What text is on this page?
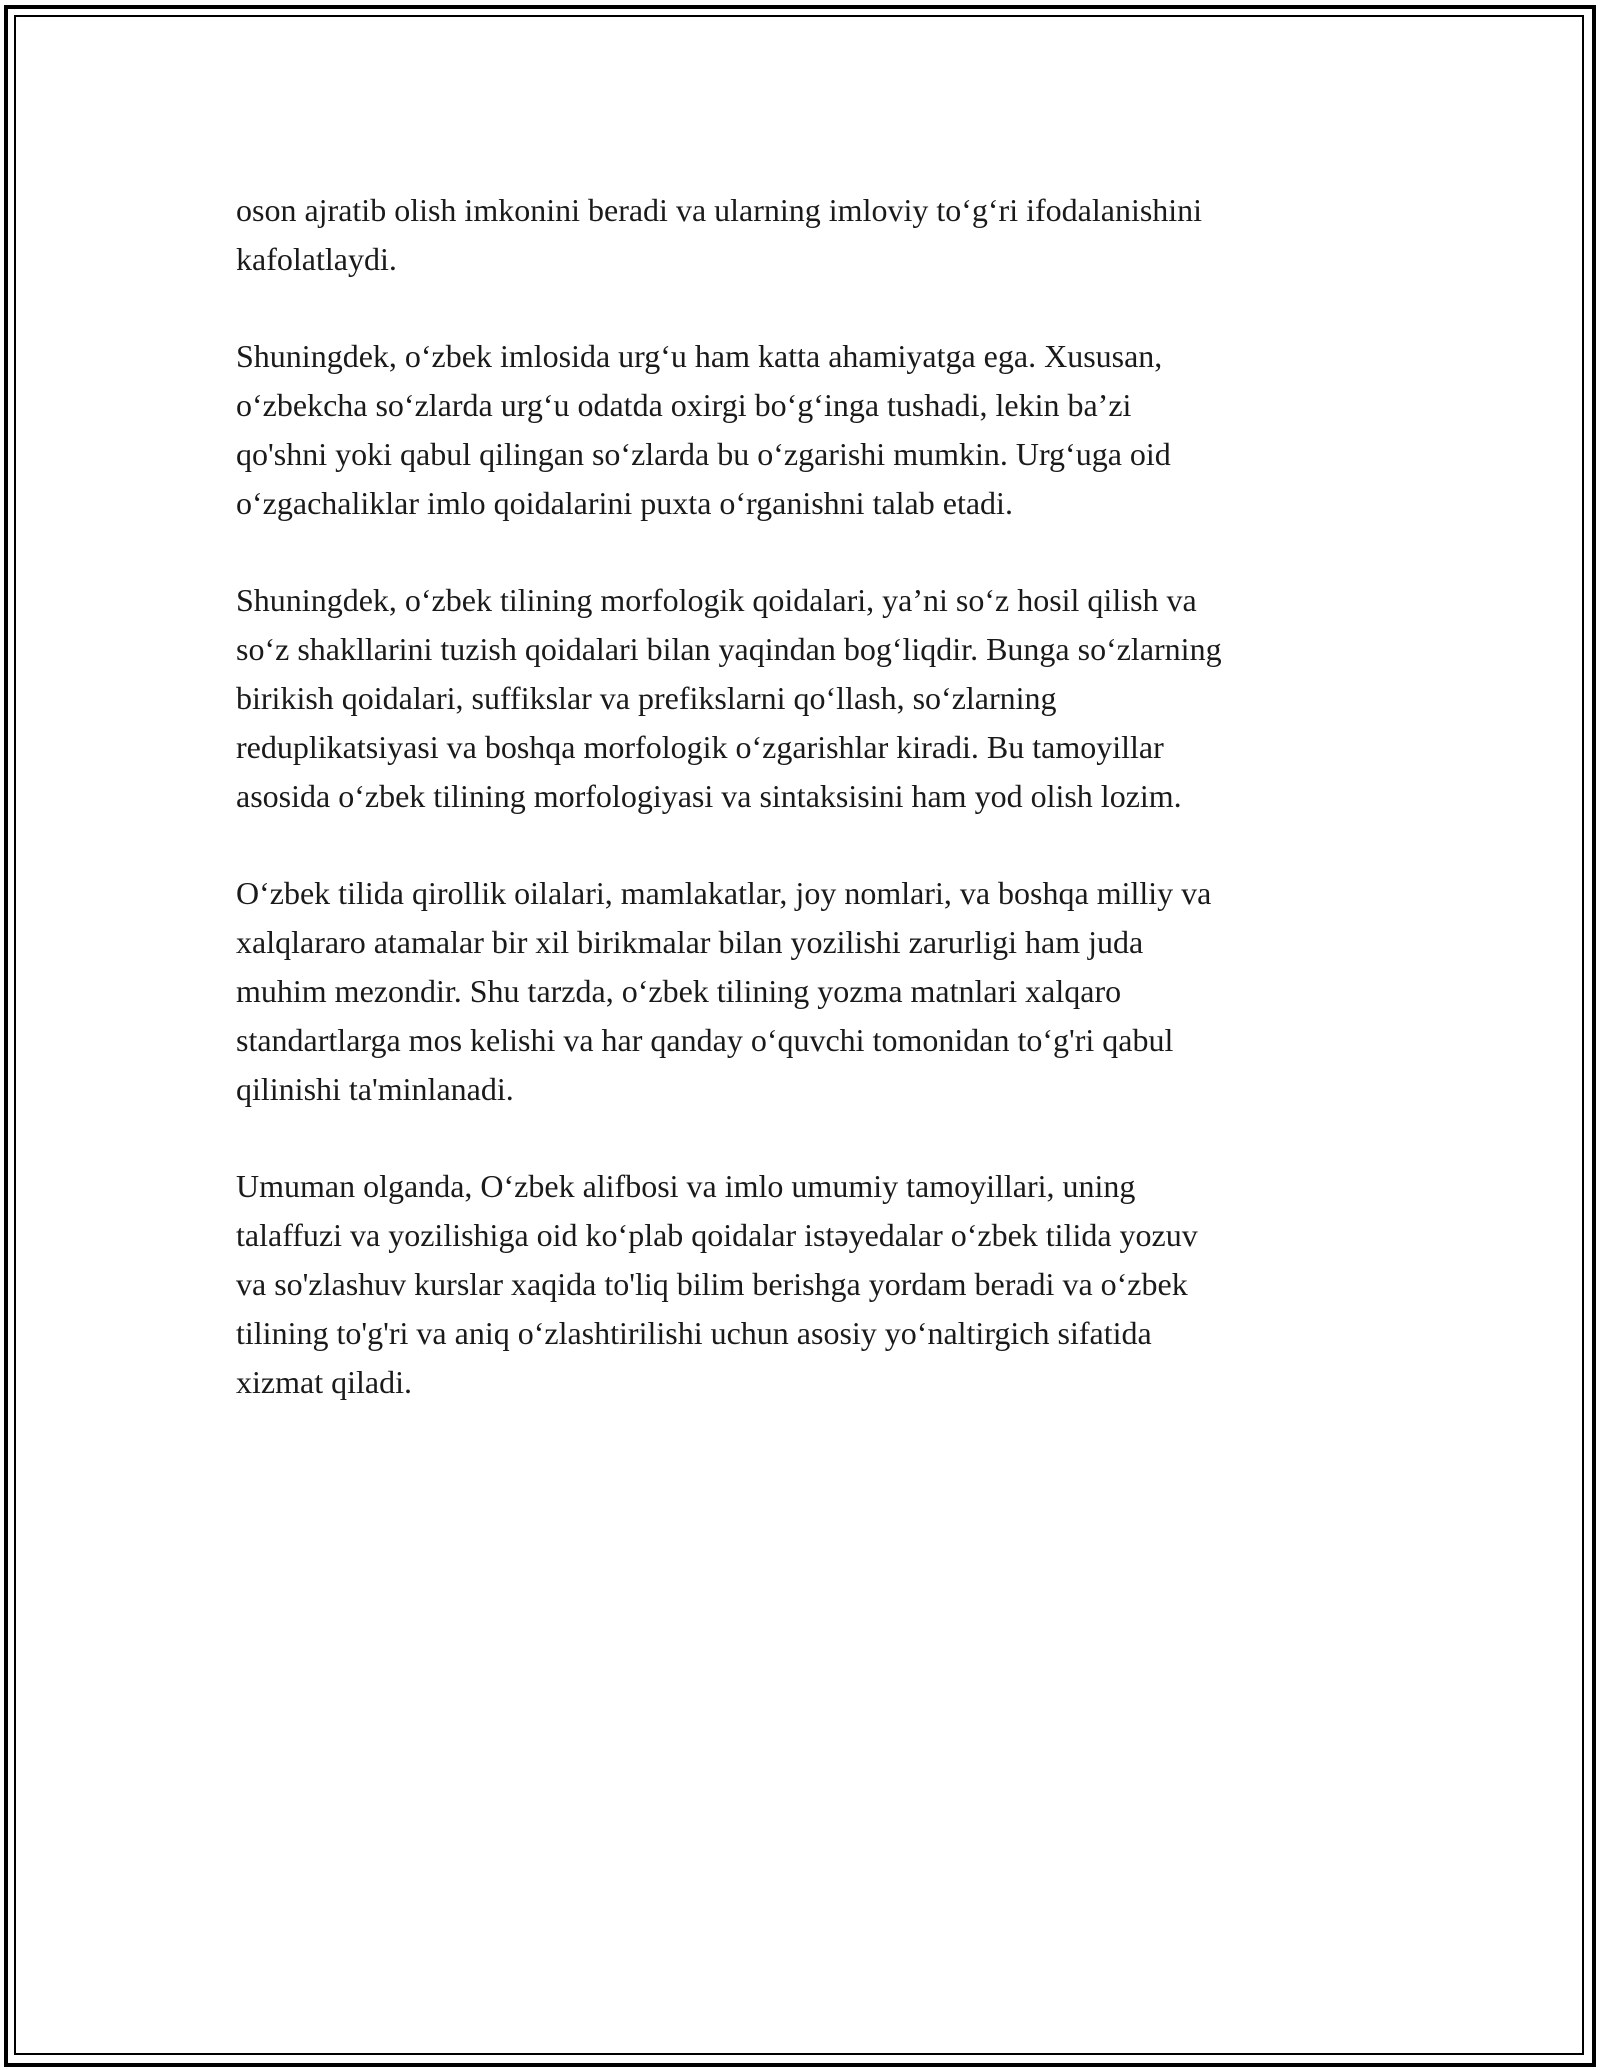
oson ajratib olish imkonini beradi va ularning imloviy to‘g‘ri ifodalanishini
kafolatlaydi.

Shuningdek, o‘zbek imlosida urg‘u ham katta ahamiyatga ega. Xususan,
o‘zbekcha so‘zlarda urg‘u odatda oxirgi bo‘g‘inga tushadi, lekin ba’zi
qo'shni yoki qabul qilingan so‘zlarda bu o‘zgarishi mumkin. Urg‘uga oid
o‘zgachaliklar imlo qoidalarini puxta o‘rganishni talab etadi.

Shuningdek, o‘zbek tilining morfologik qoidalari, ya’ni so‘z hosil qilish va
so‘z shakllarini tuzish qoidalari bilan yaqindan bog‘liqdir. Bunga so‘zlarning
birikish qoidalari, suffikslar va prefikslarni qo‘llash, so‘zlarning
reduplikatsiyasi va boshqa morfologik o‘zgarishlar kiradi. Bu tamoyillar
asosida o‘zbek tilining morfologiyasi va sintaksisini ham yod olish lozim.

O‘zbek tilida qirollik oilalari, mamlakatlar, joy nomlari, va boshqa milliy va
xalqlararo atamalar bir xil birikmalar bilan yozilishi zarurligi ham juda
muhim mezondir. Shu tarzda, o‘zbek tilining yozma matnlari xalqaro
standartlarga mos kelishi va har qanday o‘quvchi tomonidan to‘g'ri qabul
qilinishi ta'minlanadi.

Umuman olganda, O‘zbek alifbosi va imlo umumiy tamoyillari, uning
talaffuzi va yozilishiga oid ko‘plab qoidalar istəyedalar o‘zbek tilida yozuv
va so'zlashuv kurslar xaqida to'liq bilim berishga yordam beradi va o‘zbek
tilining to'g'ri va aniq o‘zlashtirilishi uchun asosiy yo‘naltirgich sifatida
xizmat qiladi.
